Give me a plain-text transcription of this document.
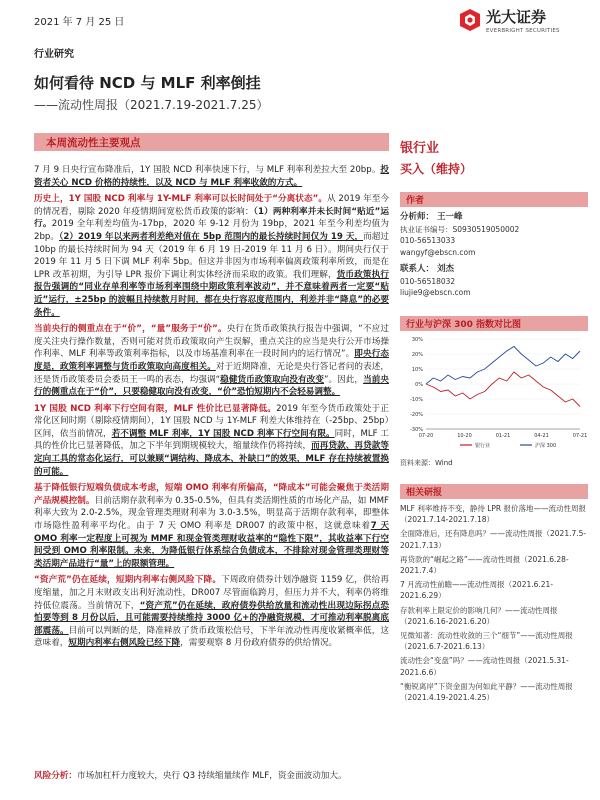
2021 年 7 月 25 日	光大证券
EVERBRIGHT SECURITIES
行业研究
如何看待 NCD 与 MLF 利率倒挂
——流动性周报（2021.7.19-2021.7.25）
本周流动性主要观点

7 月 9 日央行宣布降准后，1Y 国股 NCD 利率快速下行，与 MLF 利率利差拉大至 20bp。投资者关心 NCD 价格的持续性，以及 NCD 与 MLF 利率收敛的方式。

历史上，1Y 国股 NCD 利率与 1Y-MLF 利率可以长时间处于“分离状态”。从 2019 年至今的情况看，剔除 2020 年疫情期间宽松货币政策的影响：（1）两种利率并未长时间“贴近”运行。2019 全年利差均值为-17bp，2020 年 9-12 月份为 19bp，2021 年至今利差均值为 2bp。（2）2019 年以来两者利差绝对值在 5bp 范围内的最长持续时间仅为 19 天，而超过 10bp 的最长持续时间为 94 天（2019 年 6 月 19 日-2019 年 11 月 6 日）。期间央行仅于 2019 年 11 月 5 日下调 MLF 利率 5bp。但这并非因为市场利率偏离政策利率所致，而是在 LPR 改革初期，为引导 LPR 报价下调让利实体经济而采取的政策。我们理解，货币政策执行报告强调的“同业存单利率等市场利率围绕中期政策利率波动”，并不意味着两者一定要“贴近”运行，±25bp 的波幅且持续数月时间，都在央行容忍度范围内，利差并非“降息”的必要条件。

当前央行的侧重点在于“价”，“量”服务于“价”。央行在货币政策执行报告中强调，“不应过度关注央行操作数量，否则可能对货币政策取向产生误解，重点关注的应当是央行公开市场操作利率、MLF 利率等政策利率指标，以及市场基准利率在一段时间内的运行情况”。即央行态度是，政策利率调整与货币政策取向高度相关。对于近期降准，无论是央行答记者问的表述，还是货币政策委员会委员王一鸣的表态，均强调“稳健货币政策取向没有改变”。因此，当前央行的侧重点在于“价”，只要稳健取向没有改变，“价”恐怕短期内不会轻易调整。

1Y 国股 NCD 利率下行空间有限，MLF 性价比已显著降低。2019 年至今货币政策处于正常化区间时期（剔除疫情期间），1Y 国股 NCD 与 1Y-MLF 利差大体维持在（-25bp、25bp）区间，依当前情况，若不调整 MLF 利率，1Y 国股 NCD 利率下行空间有限。同时，MLF 工具的性价比已显著降低，加之下半年到期规模较大，缩量续作仍将持续，而再贷款、再贷款等定向工具的常态化运行，可以兼顾“调结构、降成本、补缺口”的效果，MLF 存在持续被置换的可能。

基于降低银行短端负债成本考虑，短端 OMO 利率有所偏高，“降成本”可能会聚焦于类活期产品规模控制。目前活期存款利率为 0.35-0.5%，但具有类活期性质的市场化产品，如 MMF 利率大致为 2.0-2.5%，现金管理类理财利率为 3.0-3.5%，明显高于活期存款利率，即整体市场隐性盈利率平均化。由于 7 天 OMO 利率是 DR007 的政策中枢，这就意味着7 天 OMO 利率一定程度上可视为 MMF 和现金管类理财收益率的“隐性下限”，其收益率下行空间受到 OMO 利率限制。未来，为降低银行体系综合负债成本，不排除对现金管理类理财等类活期产品进行“量”上的限额管理。

“资产荒”仍在延续，短期内利率右侧风险下降。下周政府债券计划净融资 1159 亿，供给再度缩量，加之月末财政支出利好流动性，DR007 尽管面临跨月，但压力并不大，利率仍将维持低位震荡。当前情况下，“资产荒”仍在延续，政府债券供给放量和流动性出现边际拐点恐怕要等到 8 月份以后，且可能需要持续维持 3000 亿+的净融资规模，才可推动利率脱离底部震荡。目前可以判断的是，降准释放了货币政策松信号，下半年流动性再度收紧概率低，这意味着，短期内利率右侧风险已经下降，需要观察 8 月份政府债券的供给情况。

风险分析：市场加杠杆力度较大，央行 Q3 持续缩量续作 MLF，资金面波动加大。
银行业
买入（维持）
作者
分析师： 王一峰
执业证书编号：S0930519050002
010-56513033
wangyf@ebscn.com
联系人： 刘杰
010-56518032
liujie9@ebscn.com
行业与沪深 300 指数对比图
-30%
-20%
-10%
0%
10%
20%
30%
07-20	10-20	01-21	04-21	07-21
银行业	沪深 300
资料来源：Wind
相关研报
MLF 利率维持不变，静待 LPR 报价落地——流动性周报（2021.7.14-2021.7.18）
全面降准后，还有降息吗？——流动性周报（2021.7.5-2021.7.13）
再贷款的“崛起之路”——流动性周报（2021.6.28-2021.7.4）
7 月流动性前瞻——流动性周报（2021.6.21-2021.6.29）
存款利率上限定价的影响几何？——流动性周报（2021.6.16-2021.6.20）
见微知著：流动性收敛的三个“细节”——流动性周报（2021.6.7-2021.6.13）
流动性会“变盘”吗？——流动性周报（2021.5.31-2021.6.6）
“衡锐离岸”下资金面为何如此平静？——流动性周报（2021.4.19-2021.4.25）
